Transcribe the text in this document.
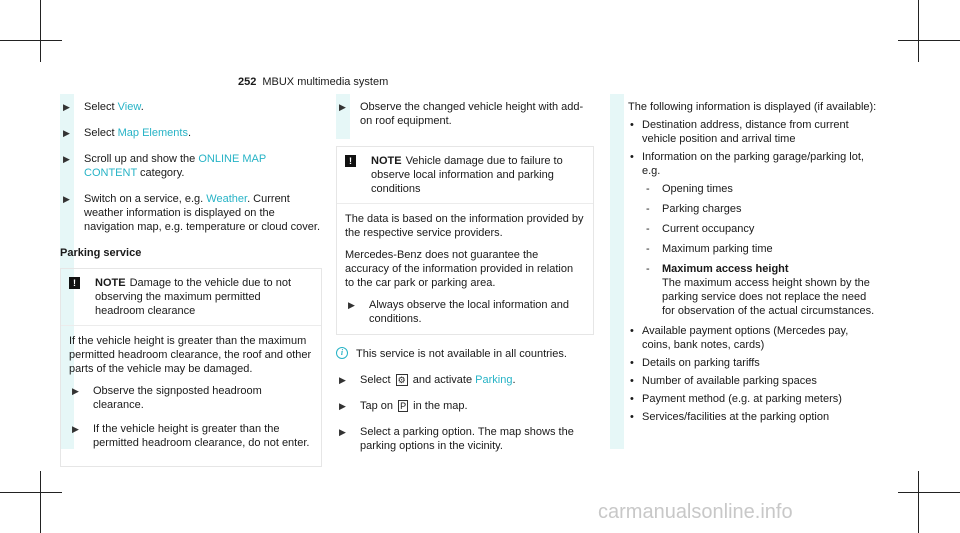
252 MBUX multimedia system
▶ Select View.
▶ Select Map Elements.
▶ Scroll up and show the ONLINE MAP CONTENT category.
▶ Switch on a service, e.g. Weather. Current weather information is displayed on the navigation map, e.g. temperature or cloud cover.
Parking service
!	NOTE Damage to the vehicle due to not observing the maximum permitted headroom clearance

If the vehicle height is greater than the maximum permitted headroom clearance, the roof and other parts of the vehicle may be damaged.

▶ Observe the signposted headroom clearance.
▶ If the vehicle height is greater than the permitted headroom clearance, do not enter.
▶ Observe the changed vehicle height with add-on roof equipment.
!	NOTE Vehicle damage due to failure to observe local information and parking conditions

The data is based on the information provided by the respective service providers.

Mercedes-Benz does not guarantee the accuracy of the information provided in relation to the car park or parking area.

▶ Always observe the local information and conditions.
i	This service is not available in all countries.
▶ Select ⚙ and activate Parking.
▶ Tap on P in the map.
▶ Select a parking option. The map shows the parking options in the vicinity.
The following information is displayed (if available):
• Destination address, distance from current vehicle position and arrival time
• Information on the parking garage/parking lot, e.g.
- Opening times
- Parking charges
- Current occupancy
- Maximum parking time
- Maximum access height
The maximum access height shown by the parking service does not replace the need for observation of the actual circumstances.
• Available payment options (Mercedes pay, coins, bank notes, cards)
• Details on parking tariffs
• Number of available parking spaces
• Payment method (e.g. at parking meters)
• Services/facilities at the parking option
carmanualsonline.info
